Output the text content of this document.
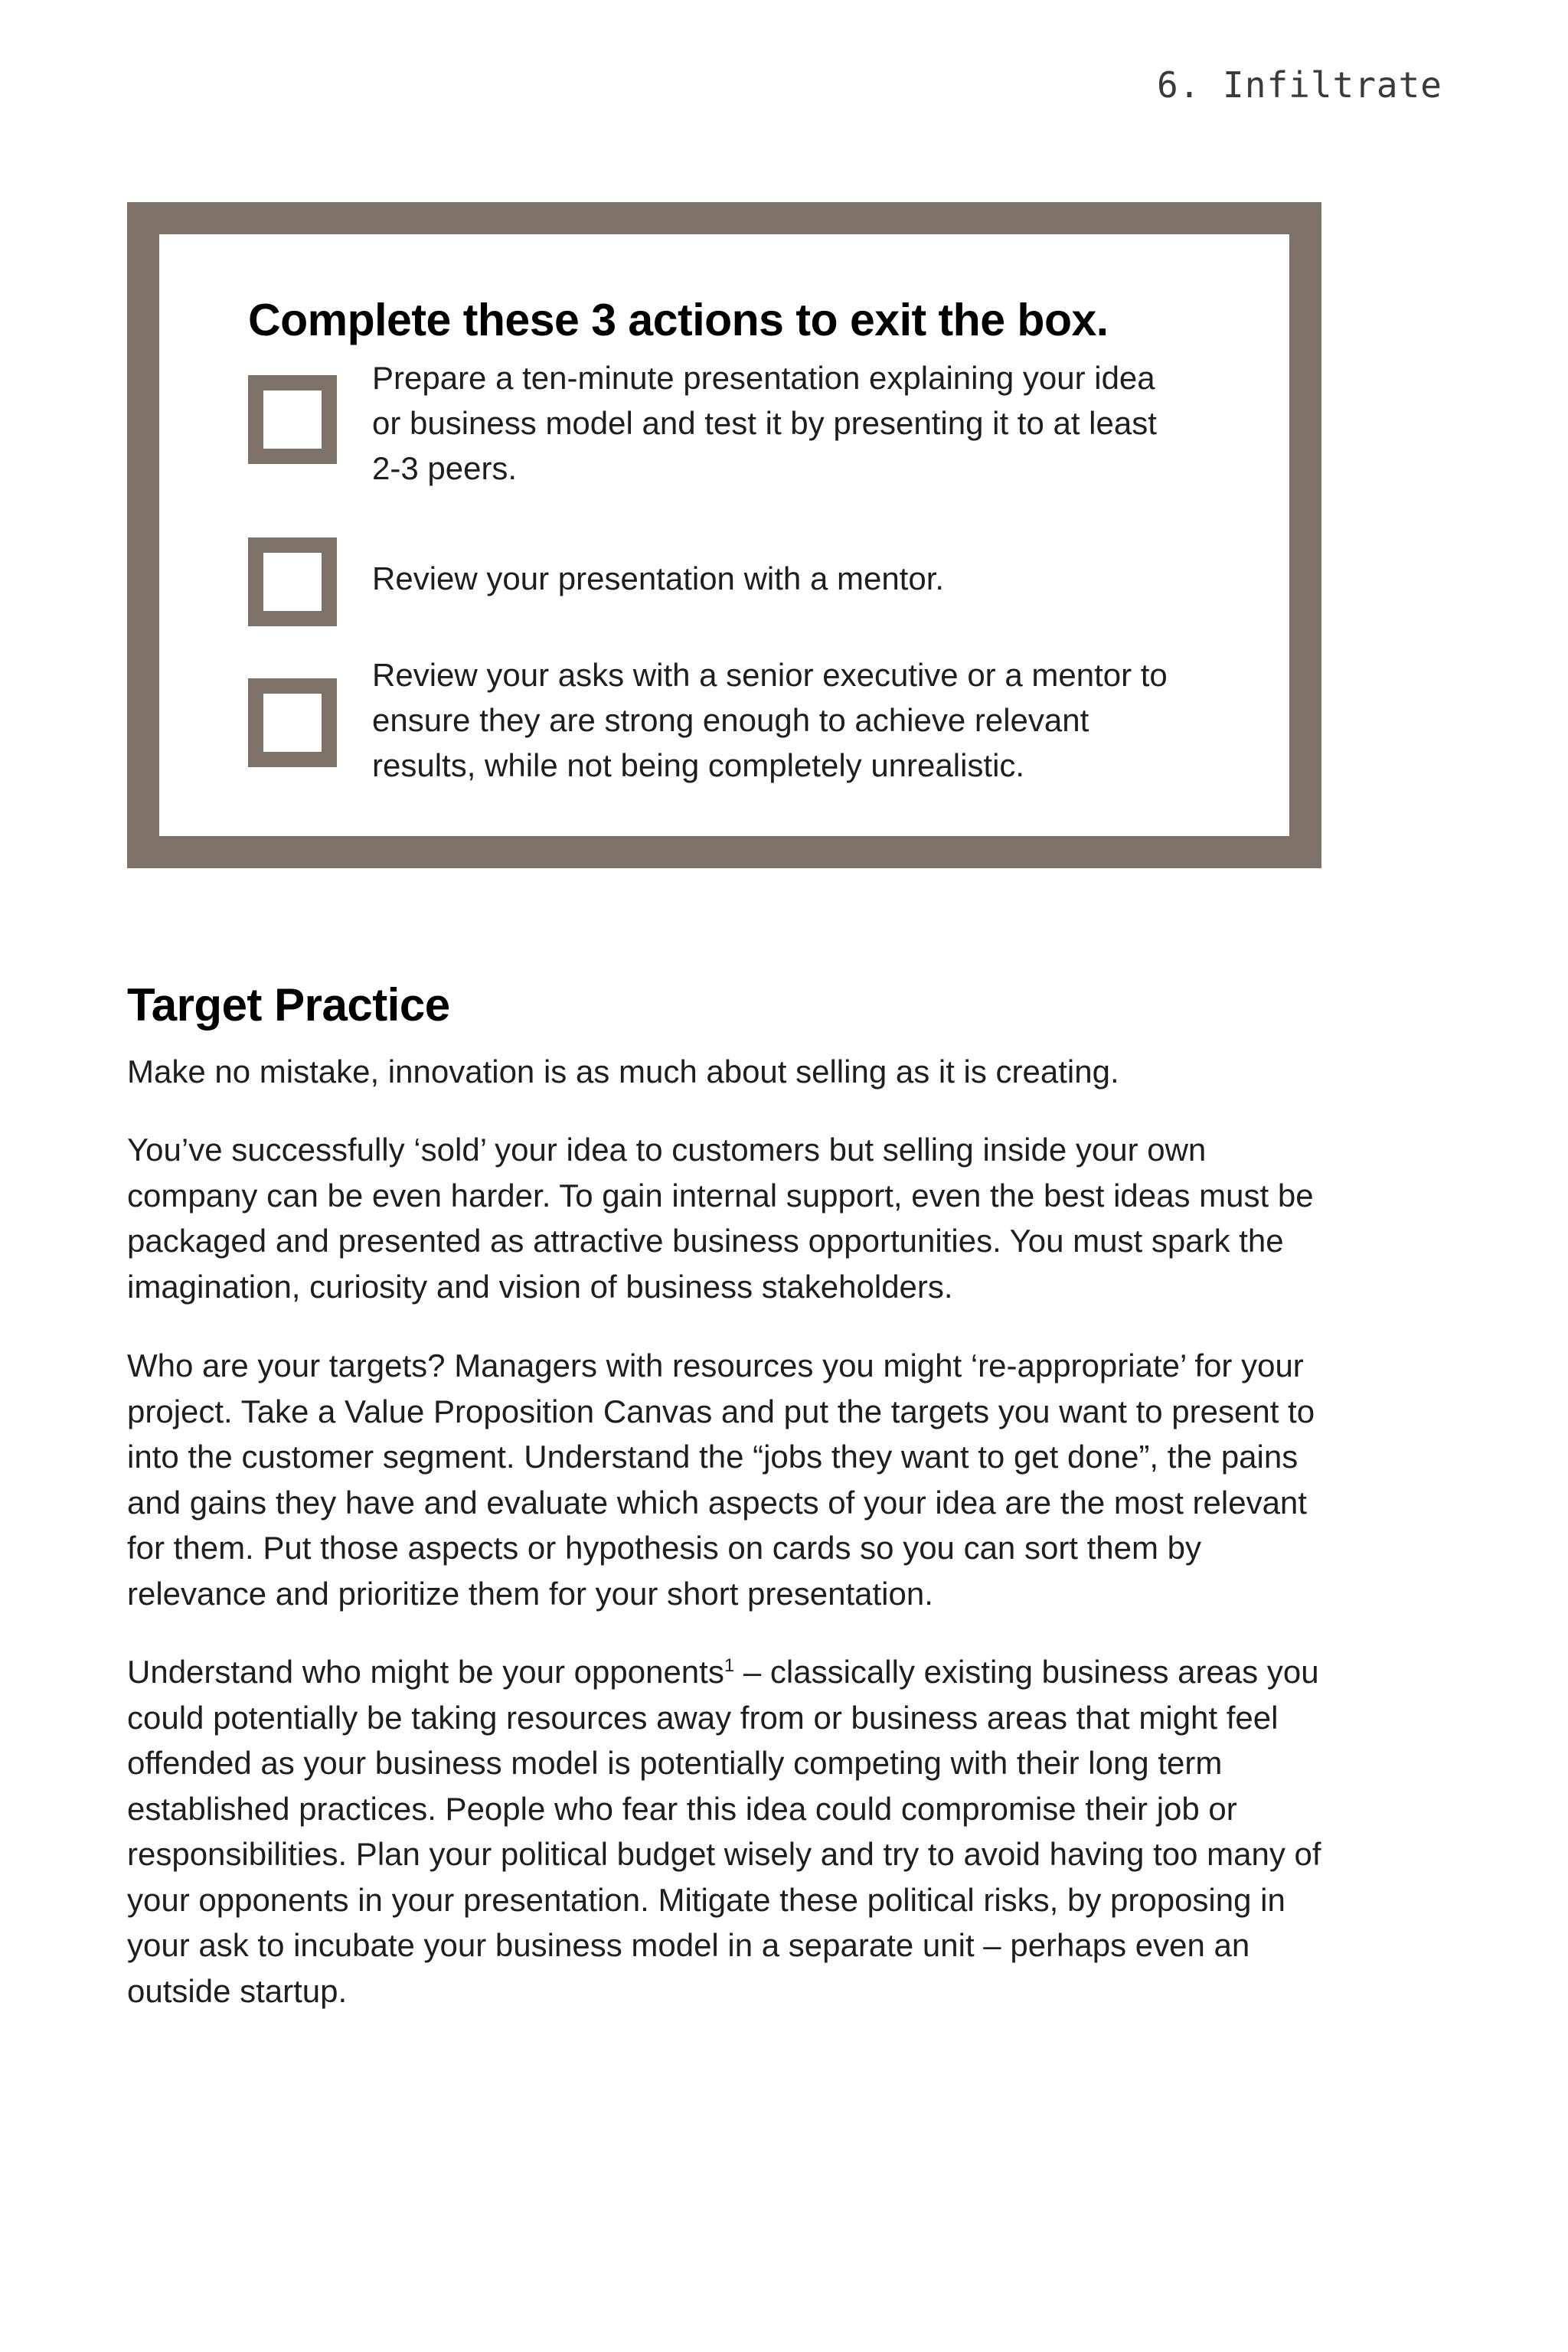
6. Infiltrate
Complete these 3 actions to exit the box.
Prepare a ten-minute presentation explaining your idea or business model and test it by presenting it to at least 2-3 peers.
Review your presentation with a mentor.
Review your asks with a senior executive or a mentor to ensure they are strong enough to achieve relevant results, while not being completely unrealistic.
Target Practice

Make no mistake, innovation is as much about selling as it is creating.

You’ve successfully ‘sold’ your idea to customers but selling inside your own company can be even harder. To gain internal support, even the best ideas must be packaged and presented as attractive business opportunities. You must spark the imagination, curiosity and vision of business stakeholders.

Who are your targets? Managers with resources you might ‘re-appropriate’ for your project. Take a Value Proposition Canvas and put the targets you want to present to into the customer segment. Understand the “jobs they want to get done”, the pains and gains they have and evaluate which aspects of your idea are the most relevant for them. Put those aspects or hypothesis on cards so you can sort them by relevance and prioritize them for your short presentation.

Understand who might be your opponents$^1$ – classically existing business areas you could potentially be taking resources away from or business areas that might feel offended as your business model is potentially competing with their long term established practices. People who fear this idea could compromise their job or responsibilities. Plan your political budget wisely and try to avoid having too many of your opponents in your presentation. Mitigate these political risks, by proposing in your ask to incubate your business model in a separate unit – perhaps even an outside startup.
